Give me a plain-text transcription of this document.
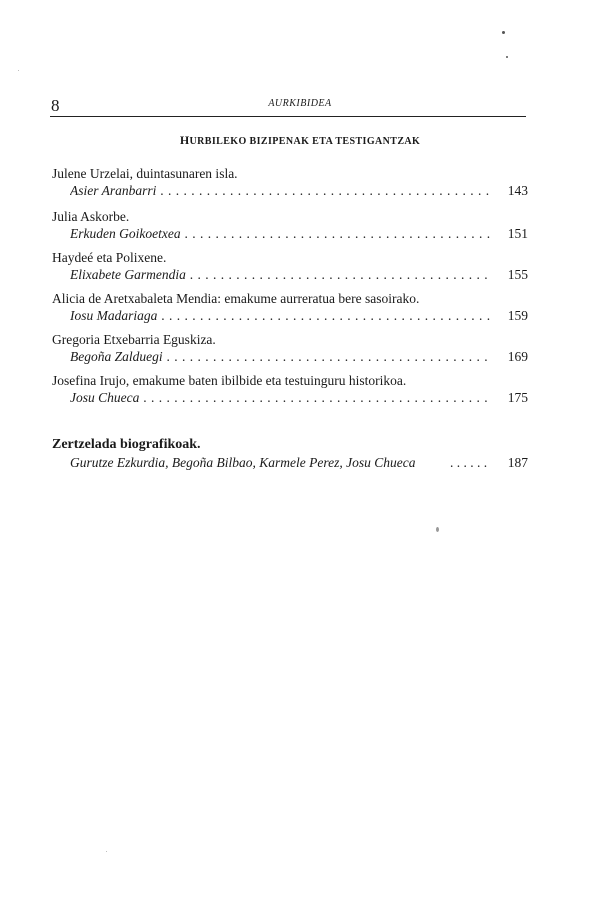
8	AURKIBIDEA
HURBILEKO BIZIPENAK ETA TESTIGANTZAK
Julene Urzelai, duintasunaren isla.
Asier Aranbarri . . .	143
Julia Askorbe.
Erkuden Goikoetxea . . .	151
Haydeé eta Polixene.
Elixabete Garmendia . . .	155
Alicia de Aretxabaleta Mendia: emakume aurreratua bere sasoirako.
Iosu Madariaga . . .	159
Gregoria Etxebarria Eguskiza.
Begoña Zalduegi . . .	169
Josefina Irujo, emakume baten ibilbide eta testuinguru historikoa.
Josu Chueca . . .	175
Zertzelada biografikoak.
Gurutze Ezkurdia, Begoña Bilbao, Karmele Perez, Josu Chueca	. . . . . . 187
